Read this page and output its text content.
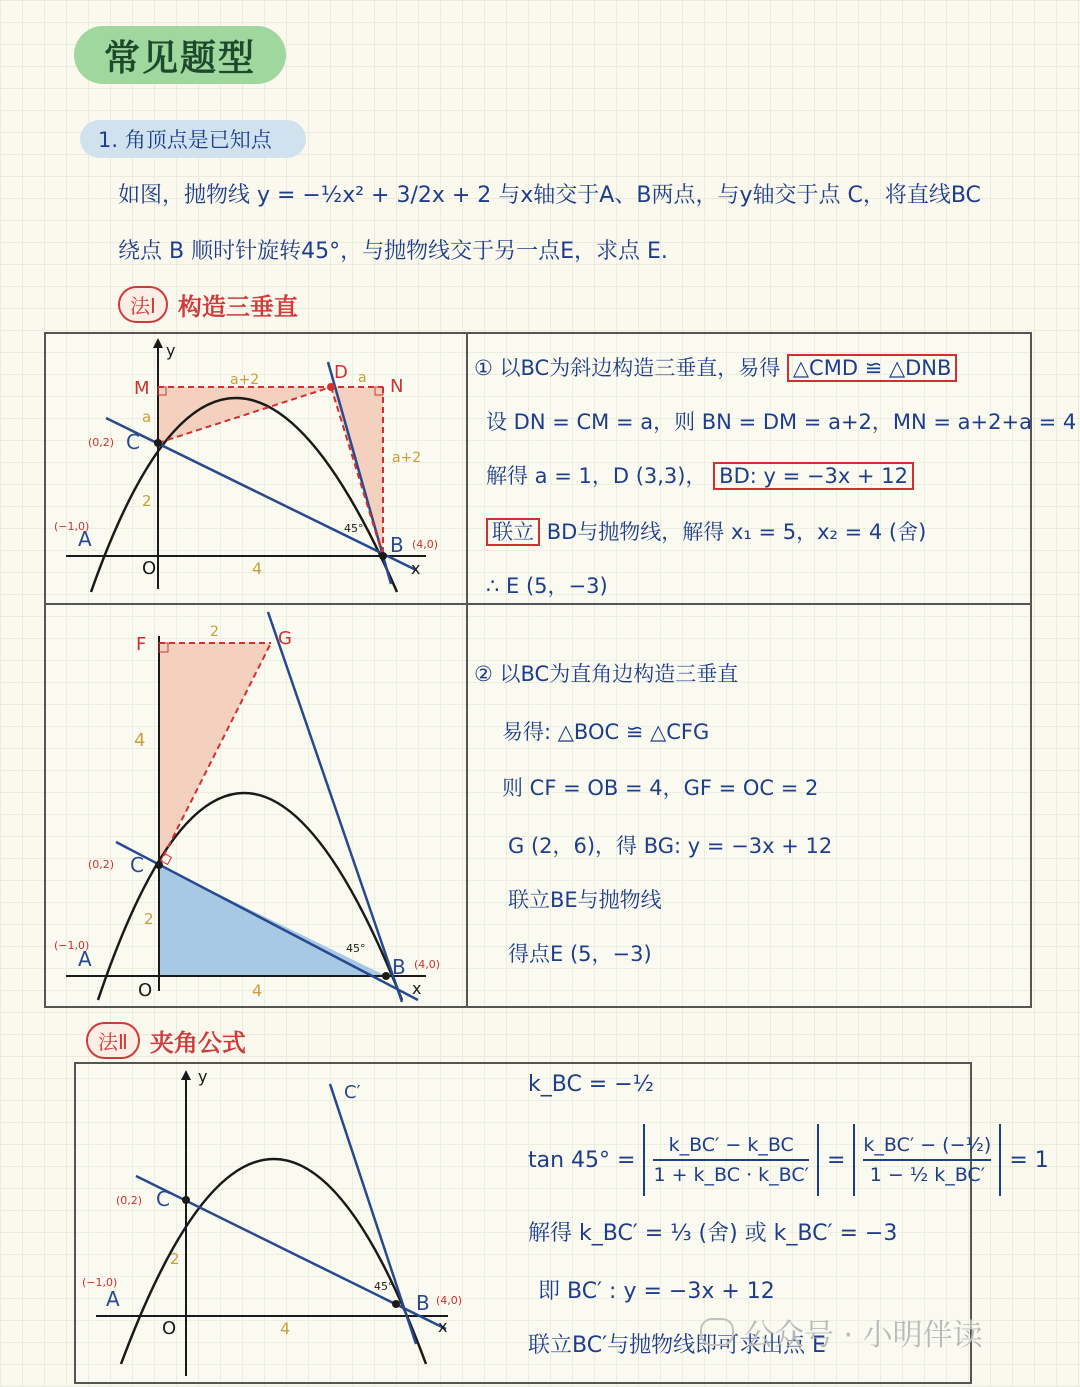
常见题型
1. 角顶点是已知点
如图，抛物线 y = −½x² + 3/2x + 2 与x轴交于A、B两点，与y轴交于点 C，将直线BC
绕点 B 顺时针旋转45°，与抛物线交于另一点E，求点 E.
法Ⅰ 构造三垂直
y
x
O
A
(−1,0)
B (4,0)
C
(0,2)
M
D
N
a
a+2	a
a+2
2
4
45°
① 以BC为斜边构造三垂直，易得 △CMD ≌ △DNB
设 DN = CM = a，则 BN = DM = a+2，MN = a+2+a = 4
解得 a = 1，D (3,3)， BD: y = −3x + 12
联立 BD与抛物线，解得 x₁ = 5，x₂ = 4 (舍)
∴ E (5，−3)
F	G
2
4
C
(0,2)
2
A
(−1,0)
O	4
B (4,0)
45°
x
② 以BC为直角边构造三垂直
易得: △BOC ≌ △CFG
则 CF = OB = 4，GF = OC = 2
G (2，6)，得 BG: y = −3x + 12
联立BE与抛物线
得点E (5，−3)
法Ⅱ 夹角公式
y
C′
C
(0,2)
2
A
(−1,0)
O	4
B (4,0)
45°
x
k_BC = −½
tan 45° =
k_BC′ − k_BC
1 + k_BC · k_BC′
=
k_BC′ − (−½)
1 − ½ k_BC′
= 1
解得 k_BC′ = ⅓ (舍) 或 k_BC′ = −3
即 BC′ : y = −3x + 12
联立BC′与抛物线即可求出点 E
公众号 · 小明伴读
